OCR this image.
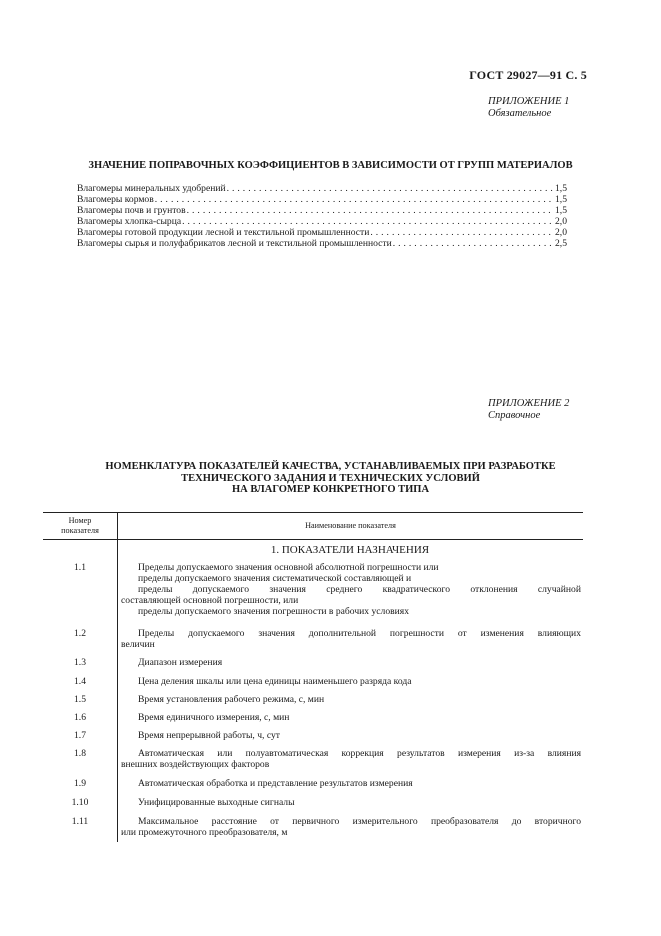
ГОСТ 29027—91 С. 5
ПРИЛОЖЕНИЕ 1
Обязательное
ЗНАЧЕНИЕ ПОПРАВОЧНЫХ КОЭФФИЦИЕНТОВ В ЗАВИСИМОСТИ ОТ ГРУПП МАТЕРИАЛОВ
Влагомеры минеральных удобрений . . .	1,5
Влагомеры кормов . . .	1,5
Влагомеры почв и грунтов . . .	1,5
Влагомеры хлопка-сырца . . .	2,0
Влагомеры готовой продукции лесной и текстильной промышленности . . .	2,0
Влагомеры сырья и полуфабрикатов лесной и текстильной промышленности . . .	2,5
ПРИЛОЖЕНИЕ 2
Справочное
НОМЕНКЛАТУРА ПОКАЗАТЕЛЕЙ КАЧЕСТВА, УСТАНАВЛИВАЕМЫХ ПРИ РАЗРАБОТКЕ
ТЕХНИЧЕСКОГО ЗАДАНИЯ И ТЕХНИЧЕСКИХ УСЛОВИЙ
НА ВЛАГОМЕР КОНКРЕТНОГО ТИПА
Номер
показателя
Наименование показателя
1. ПОКАЗАТЕЛИ НАЗНАЧЕНИЯ
1.1	Пределы допускаемого значения основной абсолютной погрешности или

пределы допускаемого значения систематической составляющей и

пределы допускаемого значения среднего квадратического отклонения случайной

составляющей основной погрешности, или

пределы допускаемого значения погрешности в рабочих условиях

1.2	Пределы допускаемого значения дополнительной погрешности от изменения влияющих

величин

1.3	Диапазон измерения

1.4	Цена деления шкалы или цена единицы наименьшего разряда кода

1.5	Время установления рабочего режима, с, мин

1.6	Время единичного измерения, с, мин

1.7	Время непрерывной работы, ч, сут

1.8	Автоматическая или полуавтоматическая коррекция результатов измерения из-за влияния

внешних воздействующих факторов

1.9	Автоматическая обработка и представление результатов измерения

1.10	Унифицированные выходные сигналы

1.11	Максимальное расстояние от первичного измерительного преобразователя до вторичного

или промежуточного преобразователя, м
